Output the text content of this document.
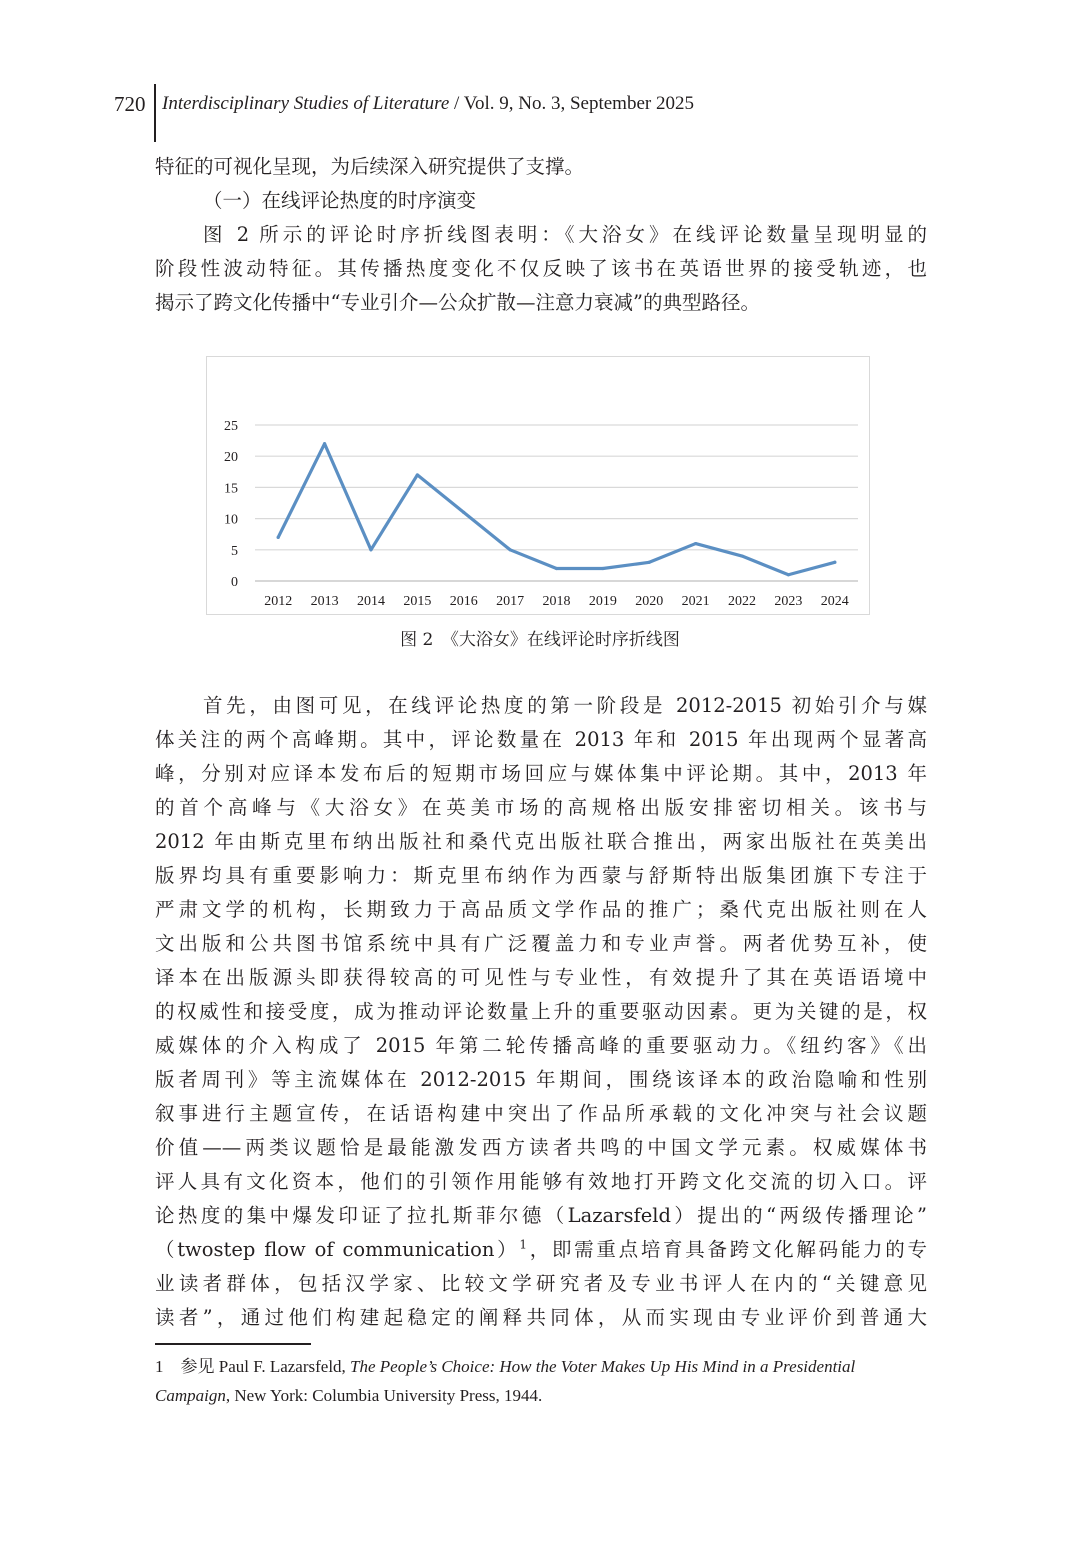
720 Interdisciplinary Studies of Literature / Vol. 9, No. 3, September 2025
特征的可视化呈现，为后续深入研究提供了支撑。
（一）在线评论热度的时序演变
图 2 所示的评论时序折线图表明：《大浴女》在线评论数量呈现明显的
阶段性波动特征。其传播热度变化不仅反映了该书在英语世界的接受轨迹，也
揭示了跨文化传播中“专业引介—公众扩散—注意力衰减”的典型路径。
0
5
10
15
20
25
2012 2013 2014 2015 2016 2017 2018 2019 2020 2021 2022 2023 2024
图 2　《大浴女》在线评论时序折线图
首先，由图可见，在线评论热度的第一阶段是 2012-2015 初始引介与媒
体关注的两个高峰期。其中，评论数量在 2013 年和 2015 年出现两个显著高
峰，分别对应译本发布后的短期市场回应与媒体集中评论期。其中，2013 年
的首个高峰与《大浴女》在英美市场的高规格出版安排密切相关。该书与
2012 年由斯克里布纳出版社和桑代克出版社联合推出，两家出版社在英美出
版界均具有重要影响力：斯克里布纳作为西蒙与舒斯特出版集团旗下专注于
严肃文学的机构，长期致力于高品质文学作品的推广；桑代克出版社则在人
文出版和公共图书馆系统中具有广泛覆盖力和专业声誉。两者优势互补，使
译本在出版源头即获得较高的可见性与专业性，有效提升了其在英语语境中
的权威性和接受度，成为推动评论数量上升的重要驱动因素。更为关键的是，权
威媒体的介入构成了 2015 年第二轮传播高峰的重要驱动力。《纽约客》《出
版者周刊》等主流媒体在 2012-2015 年期间，围绕该译本的政治隐喻和性别
叙事进行主题宣传，在话语构建中突出了作品所承载的文化冲突与社会议题
价值——两类议题恰是最能激发西方读者共鸣的中国文学元素。权威媒体书
评人具有文化资本，他们的引领作用能够有效地打开跨文化交流的切入口。评
论热度的集中爆发印证了拉扎斯菲尔德（Lazarsfeld）提出的“两级传播理论”
（twostep flow of communication）$^1$，即需重点培育具备跨文化解码能力的专
业读者群体，包括汉学家、比较文学研究者及专业书评人在内的“关键意见
读者”，通过他们构建起稳定的阐释共同体，从而实现由专业评价到普通大
1 参见 Paul F. Lazarsfeld, The People’s Choice: How the Voter Makes Up His Mind in a Presidential
Campaign, New York: Columbia University Press, 1944.
